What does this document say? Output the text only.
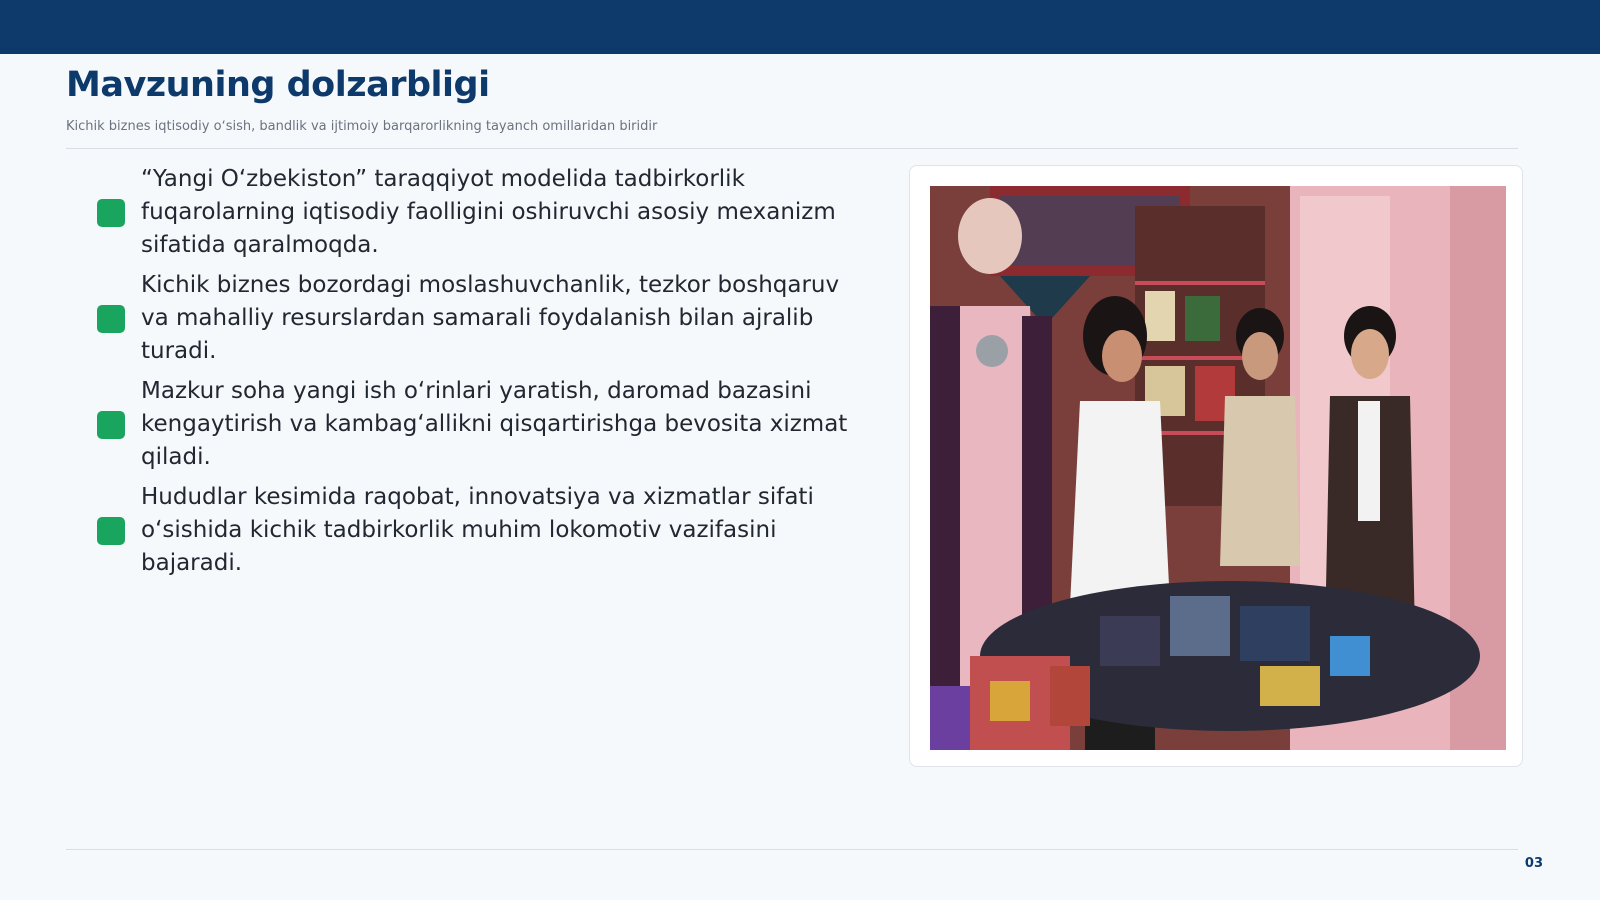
Mavzuning dolzarbligi
Kichik biznes iqtisodiy oʻsish, bandlik va ijtimoiy barqarorlikning tayanch omillaridan biridir
“Yangi Oʻzbekiston” taraqqiyot modelida tadbirkorlik fuqarolarning iqtisodiy faolligini oshiruvchi asosiy mexanizm sifatida qaralmoqda.
Kichik biznes bozordagi moslashuvchanlik, tezkor boshqaruv va mahalliy resurslardan samarali foydalanish bilan ajralib turadi.
Mazkur soha yangi ish oʻrinlari yaratish, daromad bazasini kengaytirish va kambagʻallikni qisqartirishga bevosita xizmat qiladi.
Hududlar kesimida raqobat, innovatsiya va xizmatlar sifati oʻsishida kichik tadbirkorlik muhim lokomotiv vazifasini bajaradi.
03
